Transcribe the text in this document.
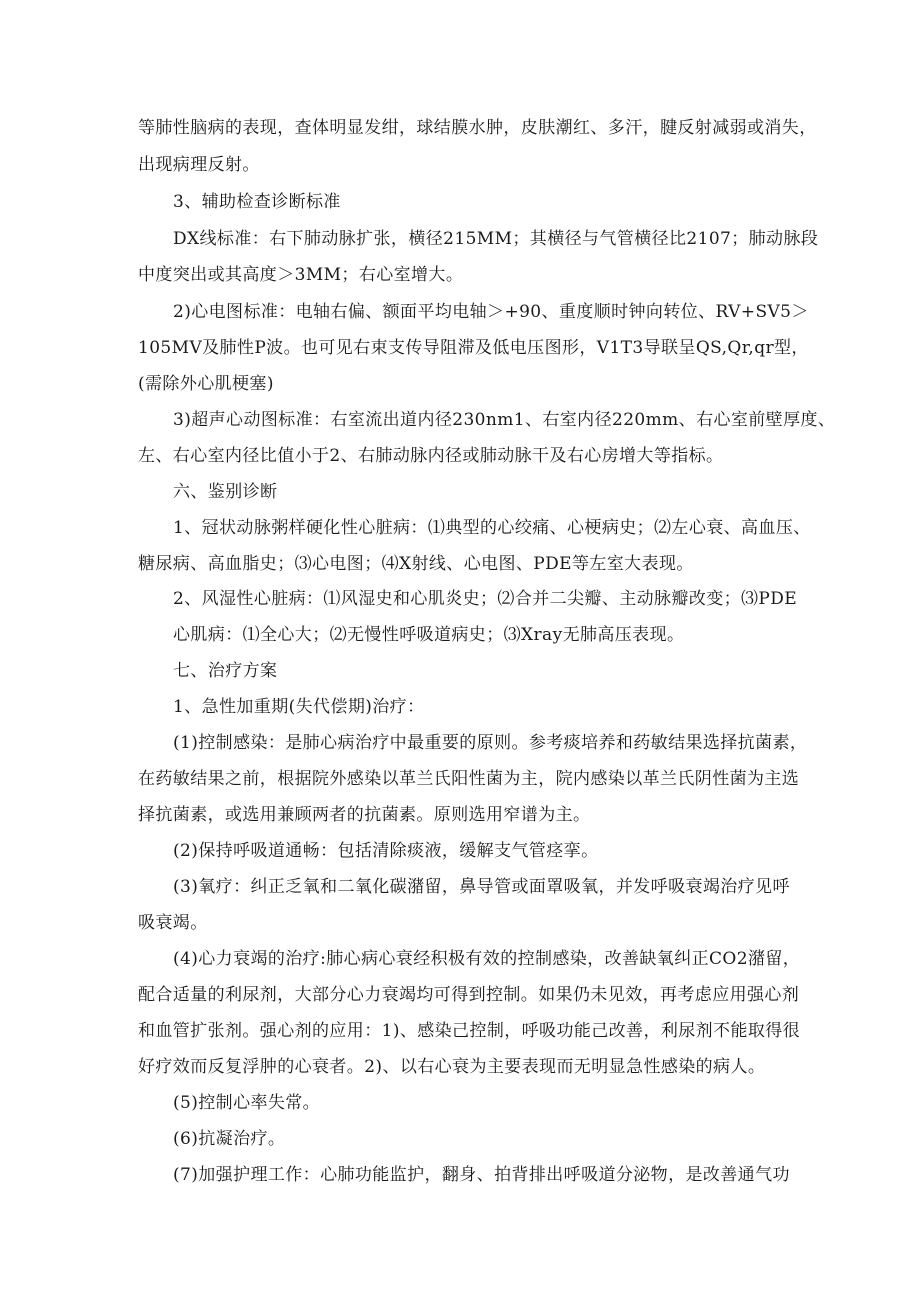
等肺性脑病的表现，查体明显发绀，球结膜水肿，皮肤潮红、多汗，腱反射减弱或消失，

出现病理反射。

3、辅助检查诊断标准

DX线标准：右下肺动脉扩张，横径215MM；其横径与气管横径比2107；肺动脉段

中度突出或其高度＞3MM；右心室增大。

2)心电图标准：电轴右偏、额面平均电轴＞+90、重度顺时钟向转位、RV+SV5＞

105MV及肺性P波。也可见右束支传导阻滞及低电压图形，V1T3导联呈QS,Qr,qr型，

(需除外心肌梗塞)

3)超声心动图标准：右室流出道内径230nm1、右室内径220mm、右心室前壁厚度、

左、右心室内径比值小于2、右肺动脉内径或肺动脉干及右心房增大等指标。

六、鉴别诊断

1、冠状动脉粥样硬化性心脏病：⑴典型的心绞痛、心梗病史；⑵左心衰、高血压、

糖尿病、高血脂史；⑶心电图；⑷X射线、心电图、PDE等左室大表现。

2、风湿性心脏病：⑴风湿史和心肌炎史；⑵合并二尖瓣、主动脉瓣改变；⑶PDE

心肌病：⑴全心大；⑵无慢性呼吸道病史；⑶Xray无肺高压表现。

七、治疗方案

1、急性加重期(失代偿期)治疗：

(1)控制感染：是肺心病治疗中最重要的原则。参考痰培养和药敏结果选择抗菌素，

在药敏结果之前，根据院外感染以革兰氏阳性菌为主，院内感染以革兰氏阴性菌为主选

择抗菌素，或选用兼顾两者的抗菌素。原则选用窄谱为主。

(2)保持呼吸道通畅：包括清除痰液，缓解支气管痉挛。

(3)氧疗：纠正乏氧和二氧化碳潴留，鼻导管或面罩吸氧，并发呼吸衰竭治疗见呼

吸衰竭。

(4)心力衰竭的治疗:肺心病心衰经积极有效的控制感染，改善缺氧纠正CO2潴留，

配合适量的利尿剂，大部分心力衰竭均可得到控制。如果仍未见效，再考虑应用强心剂

和血管扩张剂。强心剂的应用：1)、感染己控制，呼吸功能己改善，利尿剂不能取得很

好疗效而反复浮肿的心衰者。2)、以右心衰为主要表现而无明显急性感染的病人。

(5)控制心率失常。

(6)抗凝治疗。

(7)加强护理工作：心肺功能监护，翻身、拍背排出呼吸道分泌物，是改善通气功
